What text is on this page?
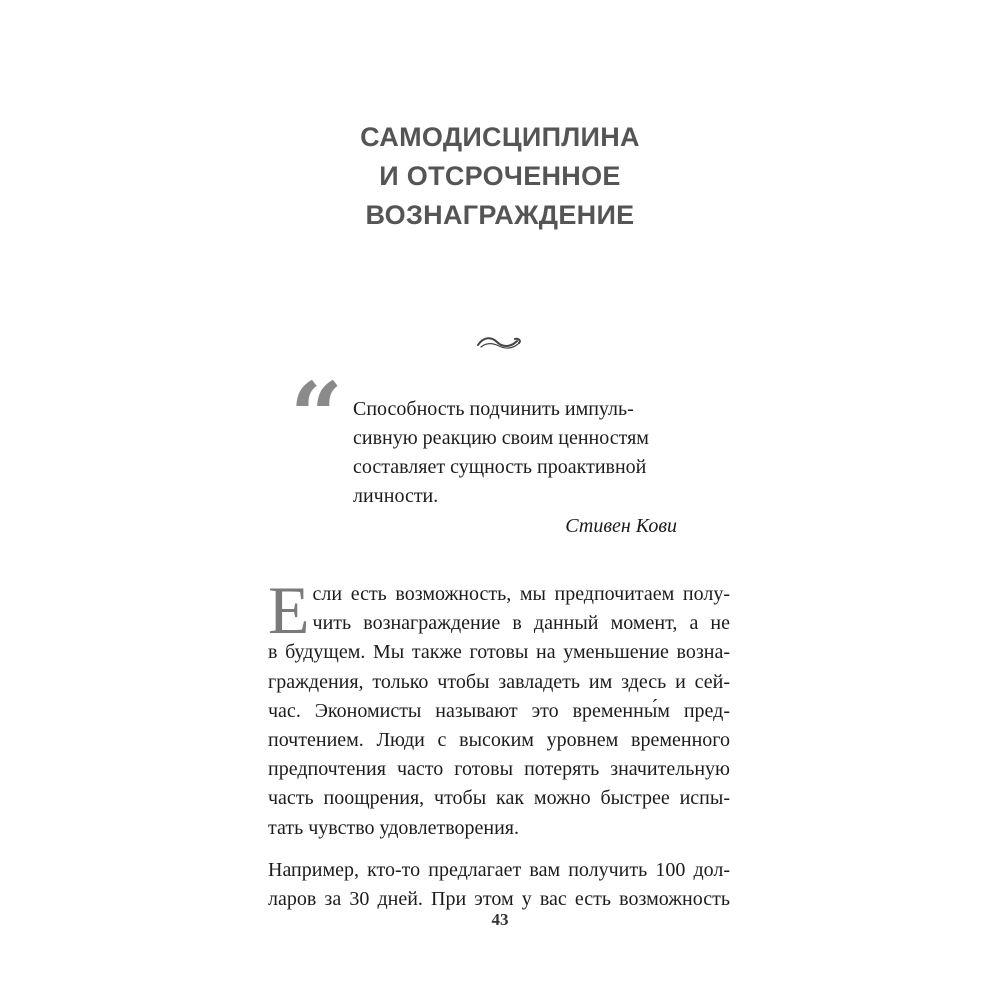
САМОДИСЦИПЛИНА
И ОТСРОЧЕННОЕ
ВОЗНАГРАЖДЕНИЕ
“ Способность подчинить импуль-
сивную реакцию своим ценностям
составляет сущность проактивной
личности.
Стивен Кови
Е сли есть возможность, мы предпочитаем полу-
чить вознаграждение в данный момент, а не
в будущем. Мы также готовы на уменьшение возна-
граждения, только чтобы завладеть им здесь и сей-
час. Экономисты называют это временны́м пред-
почтением. Люди с высоким уровнем временного
предпочтения часто готовы потерять значительную
часть поощрения, чтобы как можно быстрее испы-
тать чувство удовлетворения.
Например, кто-то предлагает вам получить 100 дол-
ларов за 30 дней. При этом у вас есть возможность
43
